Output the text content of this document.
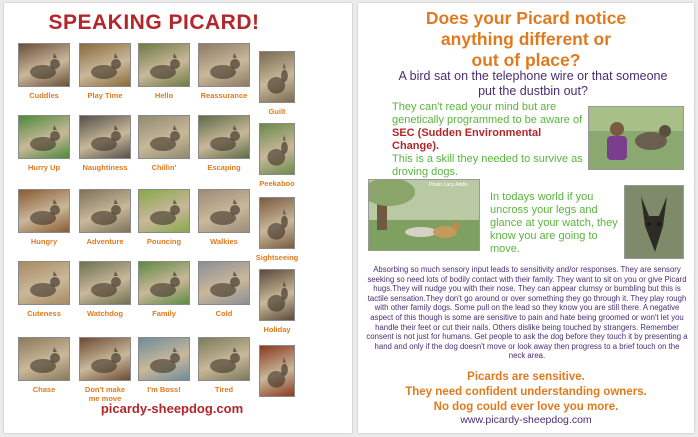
SPEAKING PICARD!
Cuddles	Play Time	Hello	Reassurance
Guilt
Hurry Up	Naughtiness	Chillin'	Escaping
Peekaboo
Hungry	Adventure	Pouncing	Walkies
Sightseeing
Cuteness	Watchdog	Family	Cold
Holiday
Chase	Don't make me move
I'm Boss!	Tired
picardy-sheepdog.com
Does your Picard notice
anything different or
out of place?
A bird sat on the telephone wire or that someone put the dustbin out?
They can't read your mind but are genetically programmed to be aware of SEC (Sudden Environmental Change).
This is a skill they needed to survive as droving dogs.
Photo Lacy Addis
In todays world if you uncross your legs and glance at your watch, they know you are going to move.
Absorbing so much sensory input leads to sensitivity and/or responses. They are sensory seeking so need lots of bodily contact with their family. They want to sit on you or give Picard hugs.They will nudge you with their nose. They can appear clumsy or bumbling but this is tactile sensation.They don't go around or over something they go through it. They play rough with other family dogs. Some pull on the lead so they know you are still there. A negative aspect of this though is some are sensitive to pain and hate being groomed or won't let you handle their feet or cut their nails. Others dislike being touched by strangers. Remember consent is not just for humans. Get people to ask the dog before they touch it by presenting a hand and only if the dog doesn't move or look away then progress to a brief touch on the neck area.
Picards are sensitive.
They need confident understanding owners.
No dog could ever love you more.
www.picardy-sheepdog.com
